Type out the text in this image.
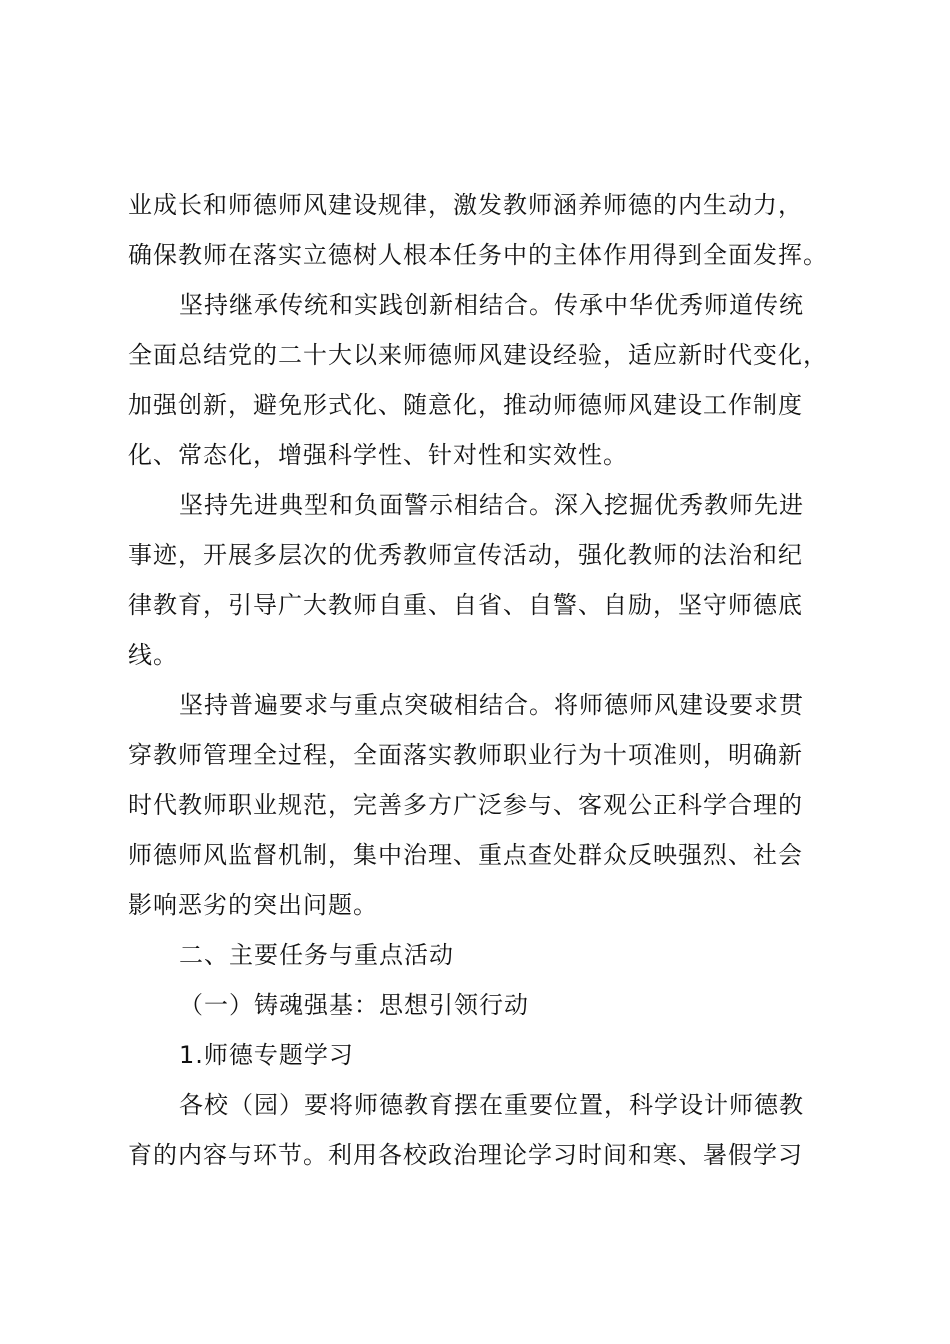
业成长和师德师风建设规律，激发教师涵养师德的内生动力，
确保教师在落实立德树人根本任务中的主体作用得到全面发挥。
坚持继承传统和实践创新相结合。传承中华优秀师道传统
全面总结党的二十大以来师德师风建设经验，适应新时代变化，
加强创新，避免形式化、随意化，推动师德师风建设工作制度
化、常态化，增强科学性、针对性和实效性。
坚持先进典型和负面警示相结合。深入挖掘优秀教师先进
事迹，开展多层次的优秀教师宣传活动，强化教师的法治和纪
律教育，引导广大教师自重、自省、自警、自励，坚守师德底
线。
坚持普遍要求与重点突破相结合。将师德师风建设要求贯
穿教师管理全过程，全面落实教师职业行为十项准则，明确新
时代教师职业规范，完善多方广泛参与、客观公正科学合理的
师德师风监督机制，集中治理、重点查处群众反映强烈、社会
影响恶劣的突出问题。
二、主要任务与重点活动
（一）铸魂强基：思想引领行动
1.师德专题学习
各校（园）要将师德教育摆在重要位置，科学设计师德教
育的内容与环节。利用各校政治理论学习时间和寒、暑假学习
